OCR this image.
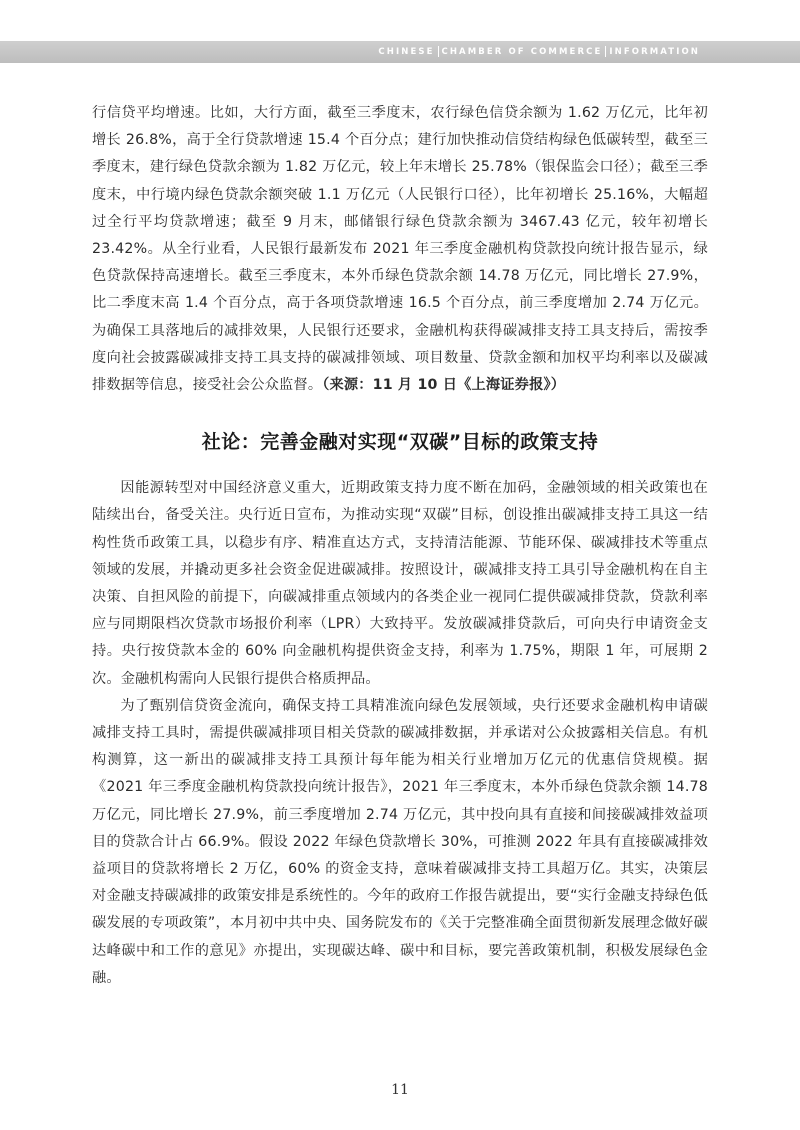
CHINESE CHAMBER OF COMMERCE INFORMATION

行信贷平均增速。比如，大行方面，截至三季度末，农行绿色信贷余额为 1.62 万亿元，比年初增长 26.8%，高于全行贷款增速 15.4 个百分点；建行加快推动信贷结构绿色低碳转型，截至三季度末，建行绿色贷款余额为 1.82 万亿元，较上年末增长 25.78%（银保监会口径）；截至三季度末，中行境内绿色贷款余额突破 1.1 万亿元（人民银行口径），比年初增长 25.16%，大幅超过全行平均贷款增速；截至 9 月末，邮储银行绿色贷款余额为 3467.43 亿元，较年初增长 23.42%。从全行业看，人民银行最新发布 2021 年三季度金融机构贷款投向统计报告显示，绿色贷款保持高速增长。截至三季度末，本外币绿色贷款余额 14.78 万亿元，同比增长 27.9%，比二季度末高 1.4 个百分点，高于各项贷款增速 16.5 个百分点，前三季度增加 2.74 万亿元。为确保工具落地后的减排效果，人民银行还要求，金融机构获得碳减排支持工具支持后，需按季度向社会披露碳减排支持工具支持的碳减排领域、项目数量、贷款金额和加权平均利率以及碳减排数据等信息，接受社会公众监督。（来源：11 月 10 日《上海证券报》）

社论：完善金融对实现“双碳”目标的政策支持

因能源转型对中国经济意义重大，近期政策支持力度不断在加码，金融领域的相关政策也在陆续出台，备受关注。央行近日宣布，为推动实现“双碳”目标，创设推出碳减排支持工具这一结构性货币政策工具，以稳步有序、精准直达方式，支持清洁能源、节能环保、碳减排技术等重点领域的发展，并撬动更多社会资金促进碳减排。按照设计，碳减排支持工具引导金融机构在自主决策、自担风险的前提下，向碳减排重点领域内的各类企业一视同仁提供碳减排贷款，贷款利率应与同期限档次贷款市场报价利率（LPR）大致持平。发放碳减排贷款后，可向央行申请资金支持。央行按贷款本金的 60% 向金融机构提供资金支持，利率为 1.75%，期限 1 年，可展期 2 次。金融机构需向人民银行提供合格质押品。

为了甄别信贷资金流向，确保支持工具精准流向绿色发展领域，央行还要求金融机构申请碳减排支持工具时，需提供碳减排项目相关贷款的碳减排数据，并承诺对公众披露相关信息。有机构测算，这一新出的碳减排支持工具预计每年能为相关行业增加万亿元的优惠信贷规模。据《2021 年三季度金融机构贷款投向统计报告》，2021 年三季度末，本外币绿色贷款余额 14.78 万亿元，同比增长 27.9%，前三季度增加 2.74 万亿元，其中投向具有直接和间接碳减排效益项目的贷款合计占 66.9%。假设 2022 年绿色贷款增长 30%，可推测 2022 年具有直接碳减排效益项目的贷款将增长 2 万亿，60% 的资金支持，意味着碳减排支持工具超万亿。其实，决策层对金融支持碳减排的政策安排是系统性的。今年的政府工作报告就提出，要“实行金融支持绿色低碳发展的专项政策”，本月初中共中央、国务院发布的《关于完整准确全面贯彻新发展理念做好碳达峰碳中和工作的意见》亦提出，实现碳达峰、碳中和目标，要完善政策机制，积极发展绿色金融。

11
